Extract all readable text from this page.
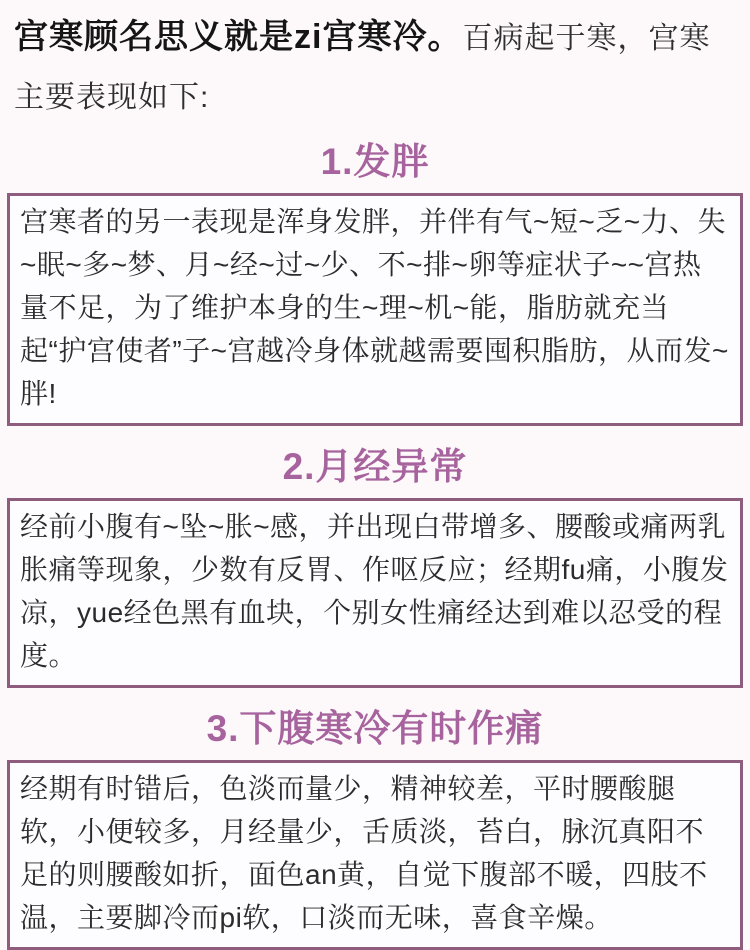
宫寒顾名思义就是zi宫寒冷。百病起于寒，宫寒

主要表现如下:

1.发胖

宫寒者的另一表现是浑身发胖，并伴有气~短~乏~力、失~眠~多~梦、月~经~过~少、不~排~卵等症状子~~宫热量不足，为了维护本身的生~理~机~能，脂肪就充当起“护宫使者”子~宫越冷身体就越需要囤积脂肪，从而发~胖!

2.月经异常

经前小腹有~坠~胀~感，并出现白带增多、腰酸或痛两乳胀痛等现象，少数有反胃、作呕反应；经期fu痛，小腹发凉，yue经色黑有血块，个别女性痛经达到难以忍受的程度。

3.下腹寒冷有时作痛

经期有时错后，色淡而量少，精神较差，平时腰酸腿软，小便较多，月经量少，舌质淡，苔白，脉沉真阳不足的则腰酸如折，面色an黄，自觉下腹部不暖，四肢不温，主要脚冷而pi软，口淡而无味，喜食辛燥。
